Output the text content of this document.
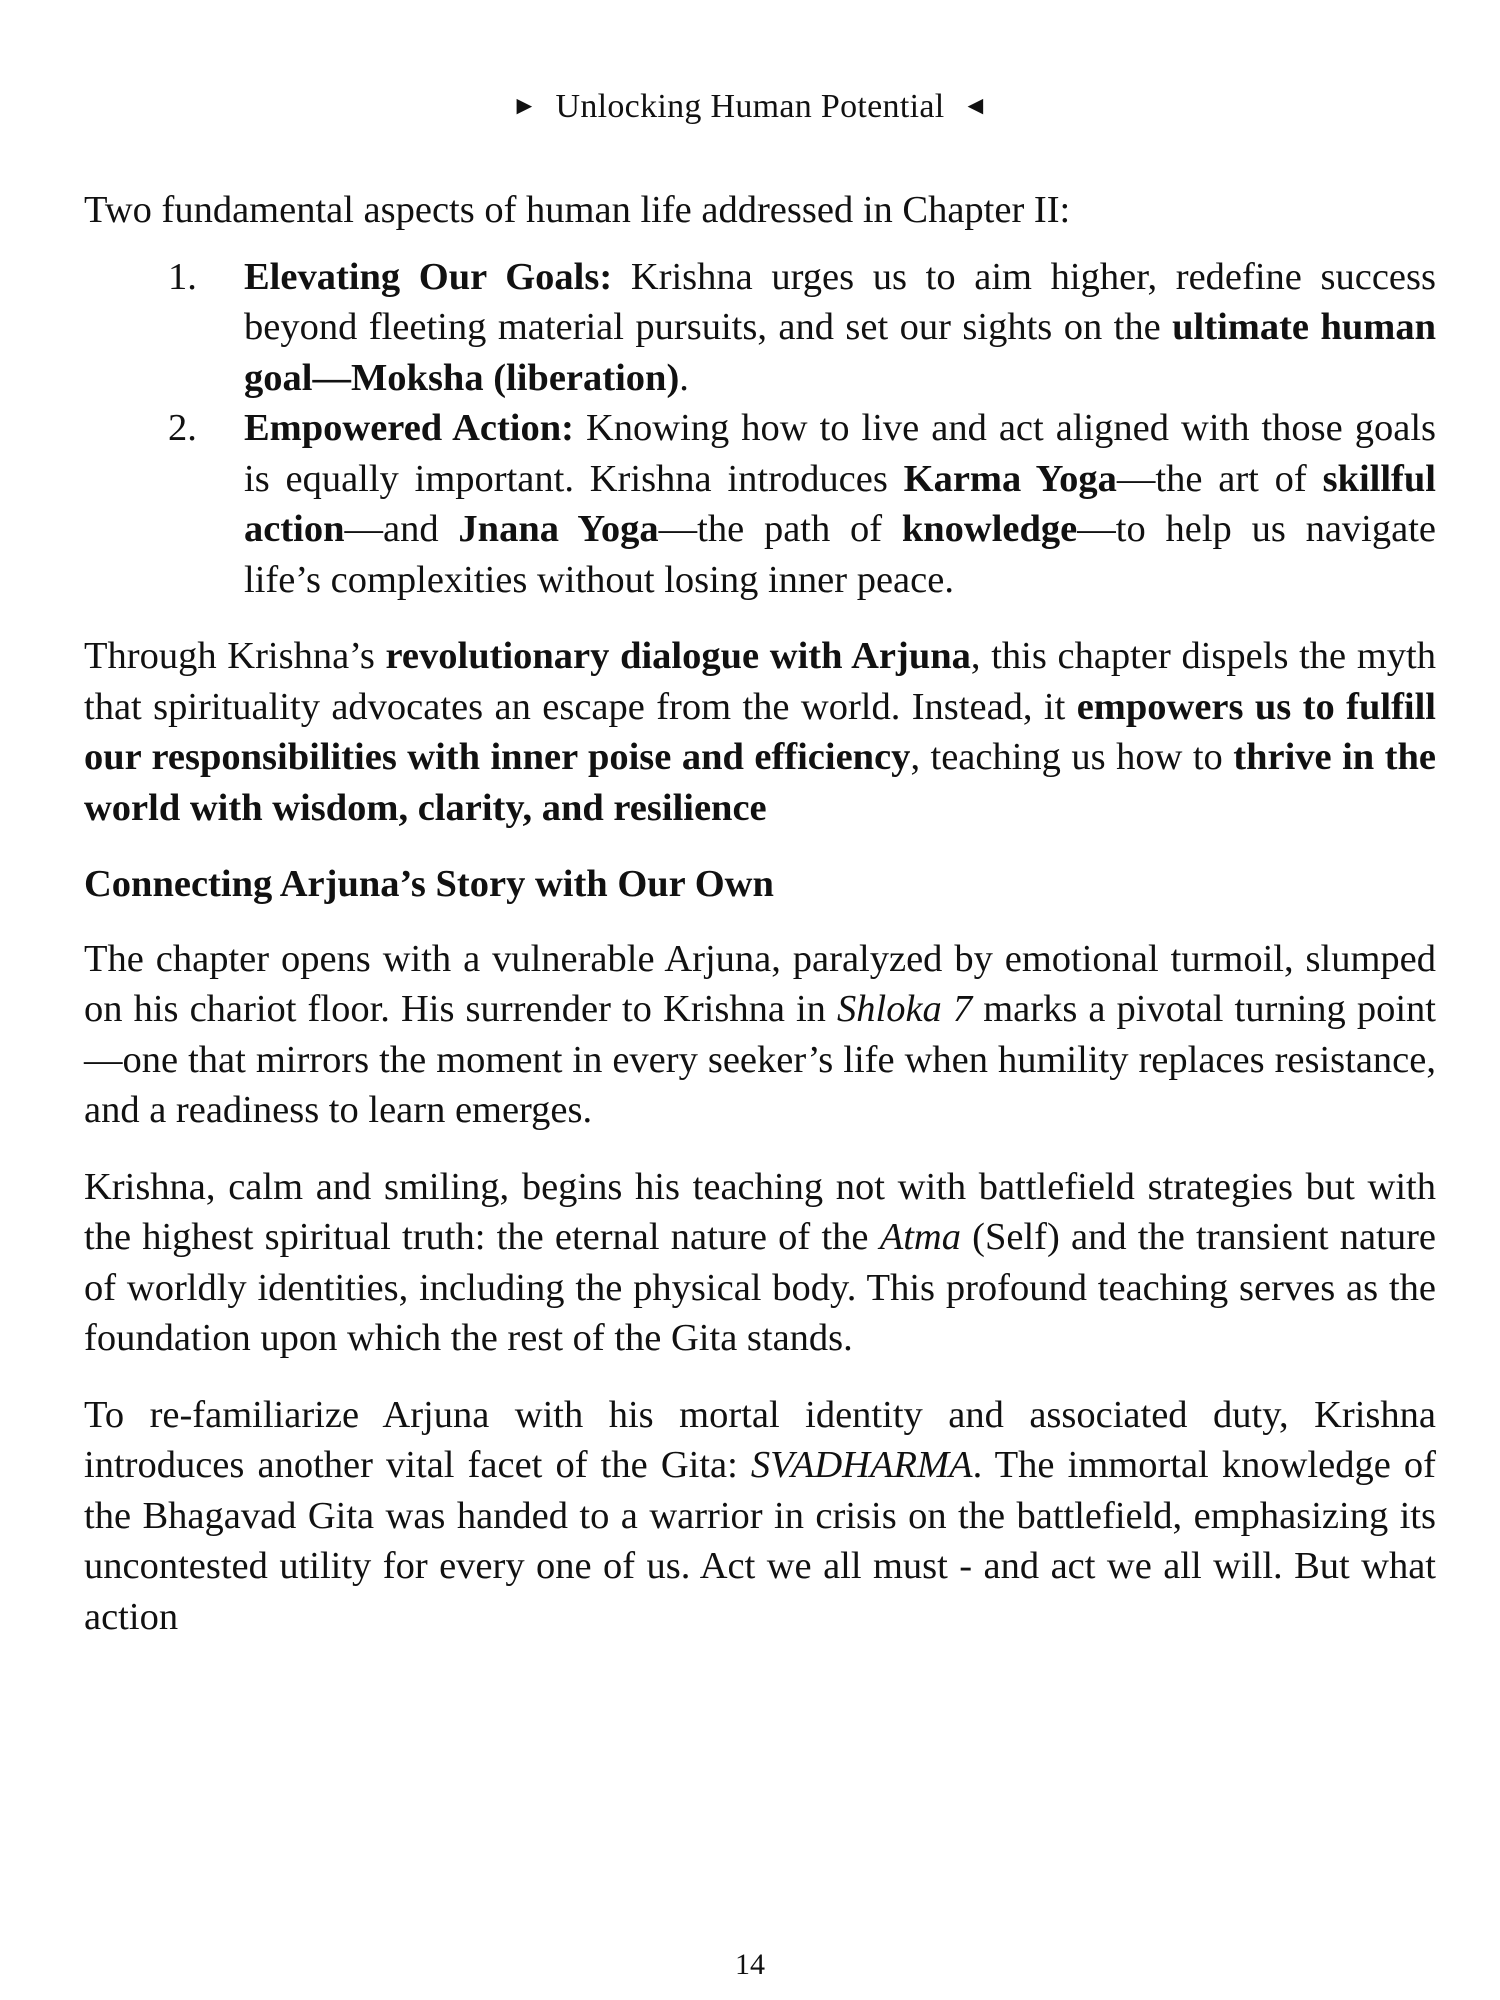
► Unlocking Human Potential ◄

Two fundamental aspects of human life addressed in Chapter II:

1. Elevating Our Goals: Krishna urges us to aim higher, redefine success beyond fleeting material pursuits, and set our sights on the ultimate human goal—Moksha (liberation).
2. Empowered Action: Knowing how to live and act aligned with those goals is equally important. Krishna introduces Karma Yoga—the art of skillful action—and Jnana Yoga—the path of knowledge—to help us navigate life’s complexities without losing inner peace.

Through Krishna’s revolutionary dialogue with Arjuna, this chapter dispels the myth that spirituality advocates an escape from the world. Instead, it empowers us to fulfill our responsibilities with inner poise and efficiency, teaching us how to thrive in the world with wisdom, clarity, and resilience

Connecting Arjuna’s Story with Our Own

The chapter opens with a vulnerable Arjuna, paralyzed by emotional turmoil, slumped on his chariot floor. His surrender to Krishna in Shloka 7 marks a pivotal turning point—one that mirrors the moment in every seeker’s life when humility replaces resistance, and a readiness to learn emerges.

Krishna, calm and smiling, begins his teaching not with battlefield strategies but with the highest spiritual truth: the eternal nature of the Atma (Self) and the transient nature of worldly identities, including the physical body. This profound teaching serves as the foundation upon which the rest of the Gita stands.

To re-familiarize Arjuna with his mortal identity and associated duty, Krishna introduces another vital facet of the Gita: SVADHARMA. The immortal knowledge of the Bhagavad Gita was handed to a warrior in crisis on the battlefield, emphasizing its uncontested utility for every one of us. Act we all must - and act we all will. But what action

14
